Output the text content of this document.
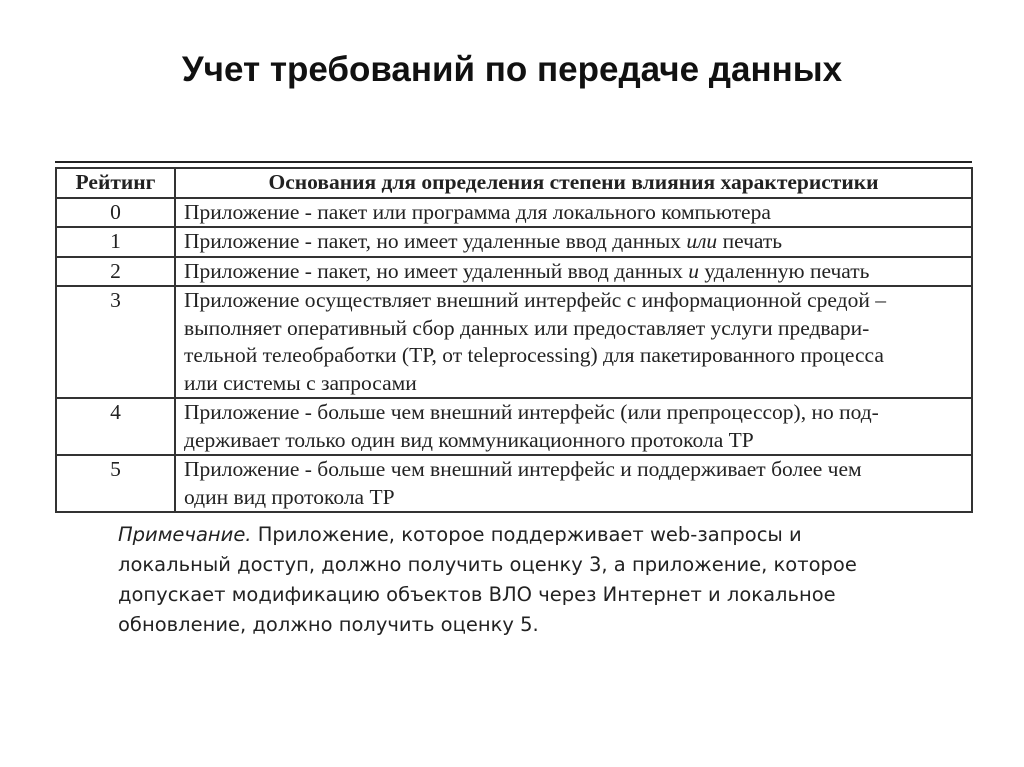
Учет требований по передаче данных
Рейтинг	Основания для определения степени влияния характеристики
0	Приложение - пакет или программа для локального компьютера
1	Приложение - пакет, но имеет удаленные ввод данных или печать
2	Приложение - пакет, но имеет удаленный ввод данных и удаленную печать
3	Приложение осуществляет внешний интерфейс с информационной средой –
выполняет оперативный сбор данных или предоставляет услуги предвари-
тельной телеобработки (ТР, от teleprocessing) для пакетированного процесса
или системы с запросами

4	Приложение - больше чем внешний интерфейс (или препроцессор), но под-
держивает только один вид коммуникационного протокола ТР

5	Приложение - больше чем внешний интерфейс и поддерживает более чем
один вид протокола ТР
Примечание. Приложение, которое поддерживает web-запросы и
локальный доступ, должно получить оценку 3, а приложение, которое
допускает модификацию объектов ВЛО через Интернет и локальное
обновление, должно получить оценку 5.
